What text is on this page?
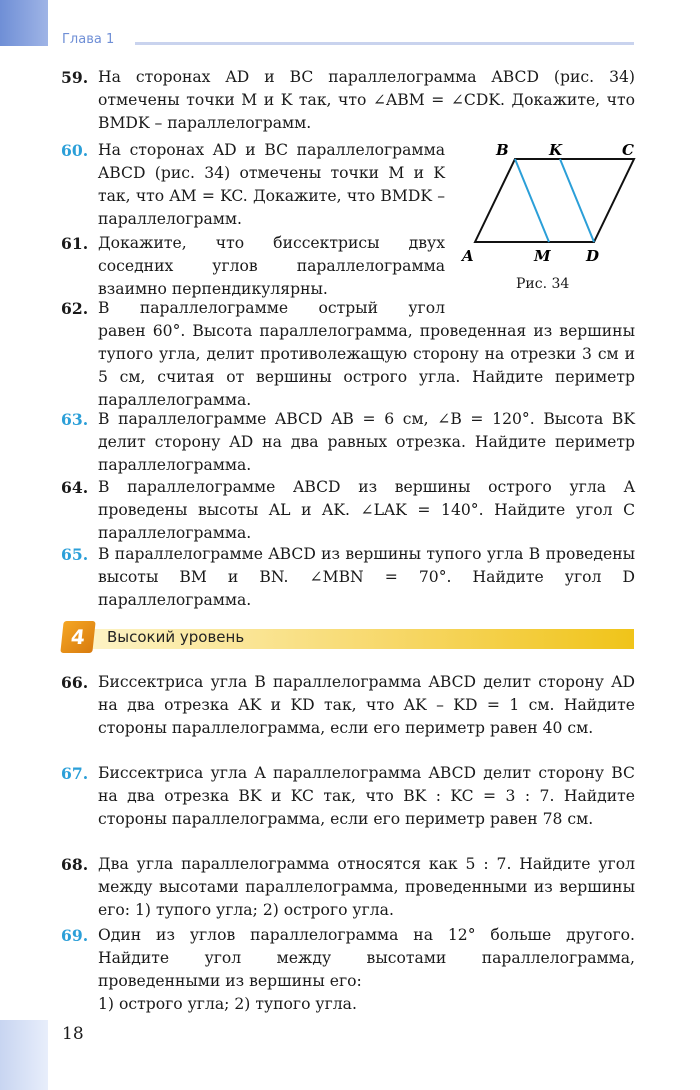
Глава 1
59. На сторонах AD и BC параллелограмма ABCD (рис. 34) отмечены точки M и K так, что ∠ABM = ∠CDK. Докажите, что BMDK – параллелограмм.
60. На сторонах AD и BC параллелограмма ABCD (рис. 34) отмечены точки M и K так, что AM = KC. Докажите, что BMDK – параллелограмм.
61. Докажите, что биссектрисы двух соседних углов параллелограмма взаимно перпендикулярны.
62. В параллелограмме острый угол
равен 60°. Высота параллелограмма, проведенная из вершины тупого угла, делит противолежащую сторону на отрезки 3 см и 5 см, считая от вершины острого угла. Найдите периметр параллелограмма.
B	K	C
A	M D
Рис. 34
63. В параллелограмме ABCD AB = 6 см, ∠B = 120°. Высота BK делит сторону AD на два равных отрезка. Найдите периметр параллелограмма.
64. В параллелограмме ABCD из вершины острого угла A проведены высоты AL и AK. ∠LAK = 140°. Найдите угол C параллелограмма.
65. В параллелограмме ABCD из вершины тупого угла B проведены высоты BM и BN. ∠MBN = 70°. Найдите угол D параллелограмма.
4	Высокий уровень
66. Биссектриса угла B параллелограмма ABCD делит сторону AD на два отрезка AK и KD так, что AK – KD = 1 см. Найдите стороны параллелограмма, если его периметр равен 40 см.
67. Биссектриса угла A параллелограмма ABCD делит сторону BC на два отрезка BK и KC так, что BK : KC = 3 : 7. Найдите стороны параллелограмма, если его периметр равен 78 см.
68. Два угла параллелограмма относятся как 5 : 7. Найдите угол между высотами параллелограмма, проведенными из вершины его: 1) тупого угла; 2) острого угла.
69. Один из углов параллелограмма на 12° больше другого. Найдите угол между высотами параллелограмма, проведенными из вершины его:
1) острого угла; 2) тупого угла.
18
